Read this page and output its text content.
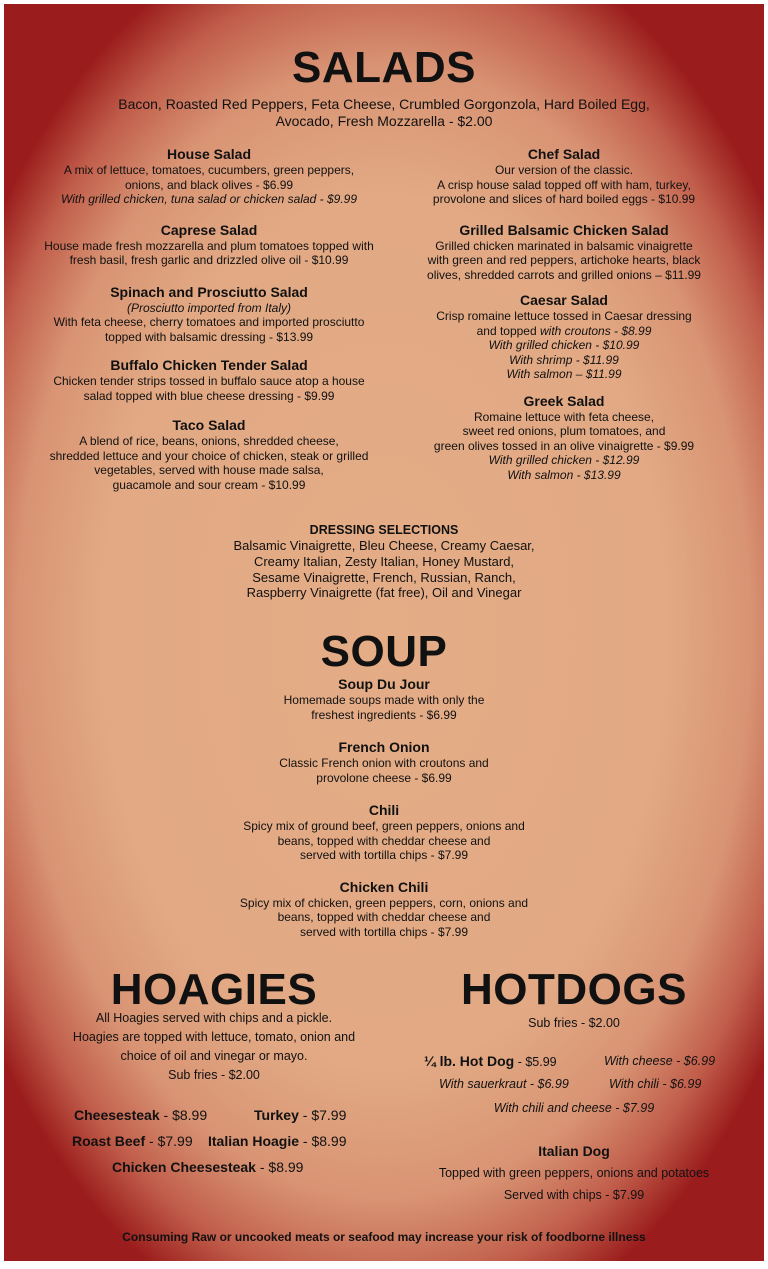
SALADS
Bacon, Roasted Red Peppers, Feta Cheese, Crumbled Gorgonzola, Hard Boiled Egg,
Avocado, Fresh Mozzarella - $2.00
House Salad
A mix of lettuce, tomatoes, cucumbers, green peppers,
onions, and black olives - $6.99
With grilled chicken, tuna salad or chicken salad - $9.99
Caprese Salad
House made fresh mozzarella and plum tomatoes topped with
fresh basil, fresh garlic and drizzled olive oil - $10.99
Spinach and Prosciutto Salad
(Prosciutto imported from Italy)
With feta cheese, cherry tomatoes and imported prosciutto
topped with balsamic dressing - $13.99
Buffalo Chicken Tender Salad
Chicken tender strips tossed in buffalo sauce atop a house
salad topped with blue cheese dressing - $9.99
Taco Salad
A blend of rice, beans, onions, shredded cheese,
shredded lettuce and your choice of chicken, steak or grilled
vegetables, served with house made salsa,
guacamole and sour cream - $10.99
Chef Salad
Our version of the classic.
A crisp house salad topped off with ham, turkey,
provolone and slices of hard boiled eggs - $10.99
Grilled Balsamic Chicken Salad
Grilled chicken marinated in balsamic vinaigrette
with green and red peppers, artichoke hearts, black
olives, shredded carrots and grilled onions – $11.99
Caesar Salad
Crisp romaine lettuce tossed in Caesar dressing
and topped with croutons - $8.99
With grilled chicken - $10.99
With shrimp - $11.99
With salmon – $11.99
Greek Salad
Romaine lettuce with feta cheese,
sweet red onions, plum tomatoes, and
green olives tossed in an olive vinaigrette - $9.99
With grilled chicken - $12.99
With salmon - $13.99
DRESSING SELECTIONS
Balsamic Vinaigrette, Bleu Cheese, Creamy Caesar,
Creamy Italian, Zesty Italian, Honey Mustard,
Sesame Vinaigrette, French, Russian, Ranch,
Raspberry Vinaigrette (fat free), Oil and Vinegar
SOUP
Soup Du Jour
Homemade soups made with only the
freshest ingredients - $6.99
French Onion
Classic French onion with croutons and
provolone cheese - $6.99
Chili
Spicy mix of ground beef, green peppers, onions and
beans, topped with cheddar cheese and
served with tortilla chips - $7.99
Chicken Chili
Spicy mix of chicken, green peppers, corn, onions and
beans, topped with cheddar cheese and
served with tortilla chips - $7.99
HOAGIES
All Hoagies served with chips and a pickle.
Hoagies are topped with lettuce, tomato, onion and
choice of oil and vinegar or mayo.
Sub fries - $2.00
Cheesesteak - $8.99	Turkey - $7.99
Roast Beef - $7.99 Italian Hoagie - $8.99
Chicken Cheesesteak - $8.99
HOTDOGS
Sub fries - $2.00
¼ lb. Hot Dog - $5.99	With cheese - $6.99
With sauerkraut - $6.99	With chili - $6.99
With chili and cheese - $7.99
Italian Dog
Topped with green peppers, onions and potatoes
Served with chips - $7.99
Consuming Raw or uncooked meats or seafood may increase your risk of foodborne illness
